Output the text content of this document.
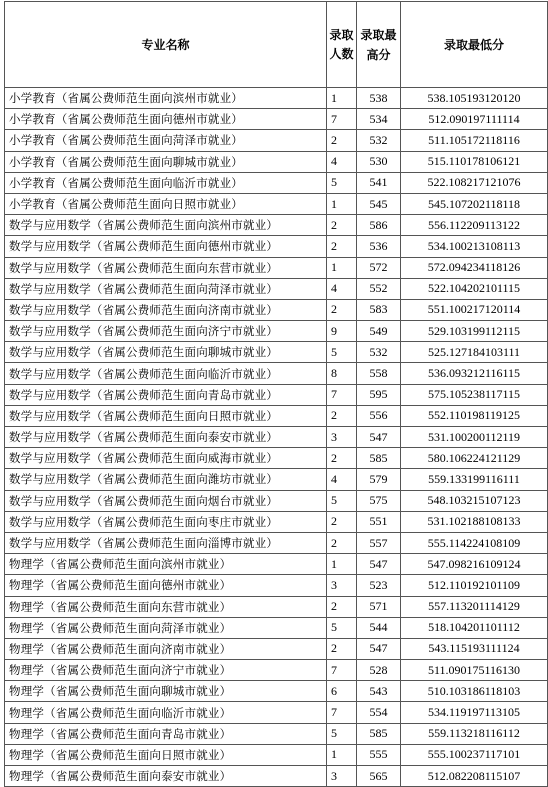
专业名称	录取人数	录取最高分	录取最低分
小学教育（省属公费师范生面向滨州市就业）	1	538	538.105193120120
小学教育（省属公费师范生面向德州市就业）	7	534	512.090197111114
小学教育（省属公费师范生面向菏泽市就业）	2	532	511.105172118116
小学教育（省属公费师范生面向聊城市就业）	4	530	515.110178106121
小学教育（省属公费师范生面向临沂市就业）	5	541	522.108217121076
小学教育（省属公费师范生面向日照市就业）	1	545	545.107202118118
数学与应用数学（省属公费师范生面向滨州市就业）	2	586	556.112209113122
数学与应用数学（省属公费师范生面向德州市就业）	2	536	534.100213108113
数学与应用数学（省属公费师范生面向东营市就业）	1	572	572.094234118126
数学与应用数学（省属公费师范生面向菏泽市就业）	4	552	522.104202101115
数学与应用数学（省属公费师范生面向济南市就业）	2	583	551.100217120114
数学与应用数学（省属公费师范生面向济宁市就业）	9	549	529.103199112115
数学与应用数学（省属公费师范生面向聊城市就业）	5	532	525.127184103111
数学与应用数学（省属公费师范生面向临沂市就业）	8	558	536.093212116115
数学与应用数学（省属公费师范生面向青岛市就业）	7	595	575.105238117115
数学与应用数学（省属公费师范生面向日照市就业）	2	556	552.110198119125
数学与应用数学（省属公费师范生面向泰安市就业）	3	547	531.100200112119
数学与应用数学（省属公费师范生面向威海市就业）	2	585	580.106224121129
数学与应用数学（省属公费师范生面向潍坊市就业）	4	579	559.133199116111
数学与应用数学（省属公费师范生面向烟台市就业）	5	575	548.103215107123
数学与应用数学（省属公费师范生面向枣庄市就业）	2	551	531.102188108133
数学与应用数学（省属公费师范生面向淄博市就业）	2	557	555.114224108109
物理学（省属公费师范生面向滨州市就业）	1	547	547.098216109124
物理学（省属公费师范生面向德州市就业）	3	523	512.110192101109
物理学（省属公费师范生面向东营市就业）	2	571	557.113201114129
物理学（省属公费师范生面向菏泽市就业）	5	544	518.104201101112
物理学（省属公费师范生面向济南市就业）	2	547	543.115193111124
物理学（省属公费师范生面向济宁市就业）	7	528	511.090175116130
物理学（省属公费师范生面向聊城市就业）	6	543	510.103186118103
物理学（省属公费师范生面向临沂市就业）	7	554	534.119197113105
物理学（省属公费师范生面向青岛市就业）	5	585	559.113218116112
物理学（省属公费师范生面向日照市就业）	1	555	555.100237117101
物理学（省属公费师范生面向泰安市就业）	3	565	512.082208115107
